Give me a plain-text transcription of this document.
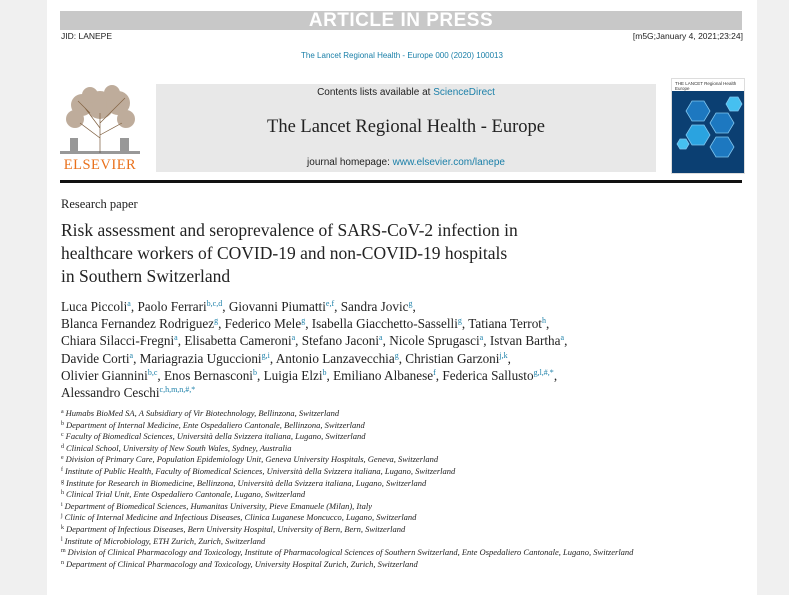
ARTICLE IN PRESS
JID: LANEPE	[m5G;January 4, 2021;23:24]
The Lancet Regional Health - Europe 000 (2020) 100013
ELSEVIER
Contents lists available at ScienceDirect
The Lancet Regional Health - Europe
journal homepage: www.elsevier.com/lanepe
THE LANCET Regional Health Europe
Research paper
Risk assessment and seroprevalence of SARS-CoV-2 infection in
healthcare workers of COVID-19 and non-COVID-19 hospitals
in Southern Switzerland
Luca Piccoli$^a$, Paolo Ferrari$^{b,c,d}$, Giovanni Piumatti$^{e,f}$, Sandra Jovic$^g$,
Blanca Fernandez Rodriguez$^g$, Federico Mele$^g$, Isabella Giacchetto-Sasselli$^g$, Tatiana Terrot$^h$,
Chiara Silacci-Fregni$^a$, Elisabetta Cameroni$^a$, Stefano Jaconi$^a$, Nicole Sprugasci$^a$, Istvan Bartha$^a$,
Davide Corti$^a$, Mariagrazia Uguccioni$^{g,i}$, Antonio Lanzavecchia$^g$, Christian Garzoni$^{j,k}$,
Olivier Giannini$^{b,c}$, Enos Bernasconi$^b$, Luigia Elzi$^b$, Emiliano Albanese$^f$, Federica Sallusto$^{g,l,\#,*}$,
Alessandro Ceschi$^{c,h,m,n,\#,*}$
$^a$ Humabs BioMed SA, A Subsidiary of Vir Biotechnology, Bellinzona, Switzerland
$^b$ Department of Internal Medicine, Ente Ospedaliero Cantonale, Bellinzona, Switzerland
$^c$ Faculty of Biomedical Sciences, Università della Svizzera italiana, Lugano, Switzerland
$^d$ Clinical School, University of New South Wales, Sydney, Australia
$^e$ Division of Primary Care, Population Epidemiology Unit, Geneva University Hospitals, Geneva, Switzerland
$^f$ Institute of Public Health, Faculty of Biomedical Sciences, Università della Svizzera italiana, Lugano, Switzerland
$^g$ Institute for Research in Biomedicine, Bellinzona, Università della Svizzera italiana, Lugano, Switzerland
$^h$ Clinical Trial Unit, Ente Ospedaliero Cantonale, Lugano, Switzerland
$^i$ Department of Biomedical Sciences, Humanitas University, Pieve Emanuele (Milan), Italy
$^j$ Clinic of Internal Medicine and Infectious Diseases, Clinica Luganese Moncucco, Lugano, Switzerland
$^k$ Department of Infectious Diseases, Bern University Hospital, University of Bern, Bern, Switzerland
$^l$ Institute of Microbiology, ETH Zurich, Zurich, Switzerland
$^m$ Division of Clinical Pharmacology and Toxicology, Institute of Pharmacological Sciences of Southern Switzerland, Ente Ospedaliero Cantonale, Lugano, Switzerland
$^n$ Department of Clinical Pharmacology and Toxicology, University Hospital Zurich, Zurich, Switzerland
